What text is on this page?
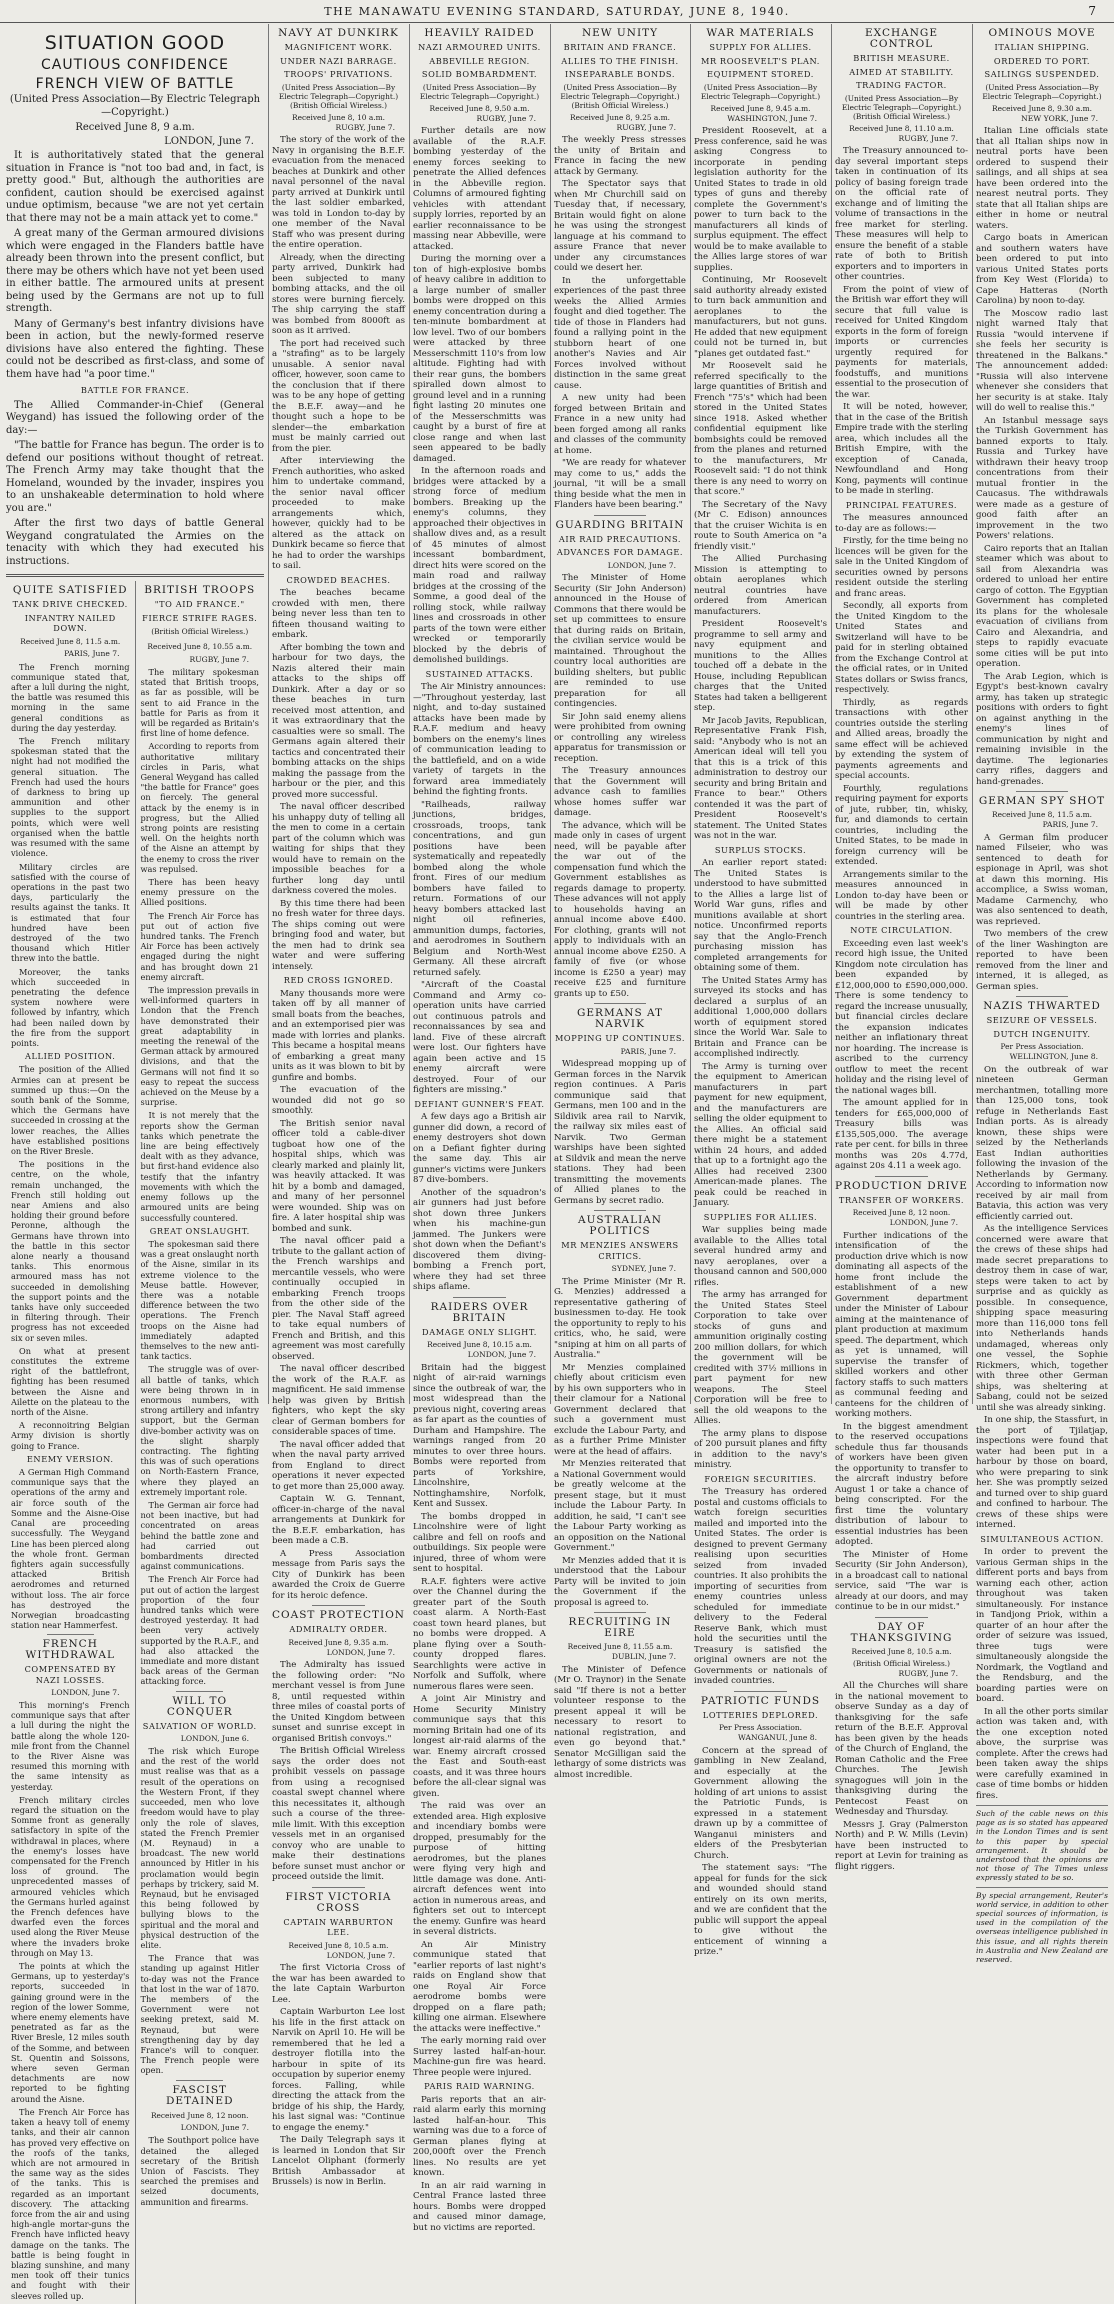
THE MANAWATU EVENING STANDARD, SATURDAY, JUNE 8, 1940.	7
SITUATION GOOD
CAUTIOUS CONFIDENCE
FRENCH VIEW OF BATTLE
(United Press Association—By Electric Telegraph—Copyright.)
Received June 8, 9 a.m.
LONDON, June 7.

It is authoritatively stated that the general situation in France is "not too bad and, in fact, is pretty good." But, although the authorities are confident, caution should be exercised against undue optimism, because "we are not yet certain that there may not be a main attack yet to come."

A great many of the German armoured divisions which were engaged in the Flanders battle have already been thrown into the present conflict, but there may be others which have not yet been used in either battle. The armoured units at present being used by the Germans are not up to full strength.

Many of Germany's best infantry divisions have been in action, but the newly-formed reserve divisions have also entered the fighting. These could not be described as first-class, and some of them have had "a poor time."

BATTLE FOR FRANCE.

The Allied Commander-in-Chief (General Weygand) has issued the following order of the day:—

"The battle for France has begun. The order is to defend our positions without thought of retreat. The French Army may take thought that the Homeland, wounded by the invader, inspires you to an unshakeable determination to hold where you are."

After the first two days of battle General Weygand congratulated the Armies on the tenacity with which they had executed his instructions.

QUITE SATISFIED
TANK DRIVE CHECKED.
INFANTRY NAILED DOWN.
Received June 8, 11.5 a.m.
PARIS, June 7.

The French morning communique stated that, after a lull during the night, the battle was resumed this morning in the same general conditions as during the day yesterday.

The French military spokesman stated that the night had not modified the general situation. The French had used the hours of darkness to bring up ammunition and other supplies to the support points, which were well organised when the battle was resumed with the same violence.

Military circles are satisfied with the course of operations in the past two days, particularly the results against the tanks. It is estimated that four hundred have been destroyed of the two thousand which Hitler threw into the battle.

Moreover, the tanks which succeeded in penetrating the defence system nowhere were followed by infantry, which had been nailed down by the fire from the support points.

ALLIED POSITION.

The position of the Allied Armies can at present be summed up thus:—On the south bank of the Somme, which the Germans have succeeded in crossing at the lower reaches, the Allies have established positions on the River Bresle.

The positions in the centre, on the whole, remain unchanged, the French still holding out near Amiens and also holding their ground before Peronne, although the Germans have thrown into the battle in this sector alone nearly a thousand tanks. This enormous armoured mass has not succeeded in demolishing the support points and the tanks have only succeeded in filtering through. Their progress has not exceeded six or seven miles.

On what at present constitutes the extreme right of the battlefront, fighting has been resumed between the Aisne and Ailette on the plateau to the north of the Aisne.

A reconnoitring Belgian Army division is shortly going to France.

ENEMY VERSION.

A German High Command communique says that the operations of the army and air force south of the Somme and the Aisne-Oise Canal are proceeding successfully. The Weygand Line has been pierced along the whole front. German fighters again successfully attacked British aerodromes and returned without loss. The air force has destroyed the Norwegian broadcasting station near Hammerfest.

FRENCH WITHDRAWAL
COMPENSATED BY NAZI LOSSES.
LONDON, June 7.

This morning's French communique says that after a lull during the night the battle along the whole 120-mile front from the Channel to the River Aisne was resumed this morning with the same intensity as yesterday.

French military circles regard the situation on the Somme front as generally satisfactory in spite of the withdrawal in places, where the enemy's losses have compensated for the French loss of ground. The unprecedented masses of armoured vehicles which the Germans hurled against the French defences have dwarfed even the forces used along the River Meuse where the invaders broke through on May 13.

The points at which the Germans, up to yesterday's reports, succeeded in gaining ground were in the region of the lower Somme, where enemy elements have penetrated as far as the River Bresle, 12 miles south of the Somme, and between St. Quentin and Soissons, where seven German detachments are now reported to be fighting around the Aisne.

The French Air Force has taken a heavy toll of enemy tanks, and their air cannon has proved very effective on the roofs of the tanks, which are not armoured in the same way as the sides of the tanks. This is regarded as an important discovery. The attacking force from the air and using high-angle mortar-guns the French have inflicted heavy damage on the tanks. The battle is being fought in blazing sunshine, and many men took off their tunics and fought with their sleeves rolled up.

BRITISH TROOPS
"TO AID FRANCE."
FIERCE STRIFE RAGES.
(British Official Wireless.)
Received June 8, 10.55 a.m.
RUGBY, June 7.

The military spokesman stated that British troops, as far as possible, will be sent to aid France in the battle for Paris as from it will be regarded as Britain's first line of home defence.

According to reports from authoritative military circles in Paris, what General Weygand has called "the battle for France" goes on fiercely. The general attack by the enemy is in progress, but the Allied strong points are resisting well. On the heights north of the Aisne an attempt by the enemy to cross the river was repulsed.

There has been heavy enemy pressure on the Allied positions.

The French Air Force has put out of action five hundred tanks. The French Air Force has been actively engaged during the night and has brought down 21 enemy aircraft.

The impression prevails in well-informed quarters in London that the French have demonstrated their great adaptability in meeting the renewal of the German attack by armoured divisions, and that the Germans will not find it so easy to repeat the success achieved on the Meuse by a surprise.

It is not merely that the reports show the German tanks which penetrate the line are being effectively dealt with as they advance, but first-hand evidence also testify that the infantry movements with which the enemy follows up the armoured units are being successfully countered.

GREAT ONSLAUGHT.

The spokesman said there was a great onslaught north of the Aisne, similar in its extreme violence to the Meuse battle. However, there was a notable difference between the two operations. The French troops on the Aisne had immediately adapted themselves to the new anti-tank tactics.

The struggle was of over-all battle of tanks, which were being thrown in in enormous numbers, with strong artillery and infantry support, but the German dive-bomber activity was on the slight sharply contracting. The fighting this was of such operations on North-Eastern France, where they played an extremely important role.

The German air force had not been inactive, but had concentrated on areas behind the battle zone and had carried out bombardments directed against communications.

The French Air Force had put out of action the largest proportion of the four hundred tanks which were destroyed yesterday. It had been very actively supported by the R.A.F., and had also attacked the immediate and more distant back areas of the German attacking force.

WILL TO CONQUER
SALVATION OF WORLD.
LONDON, June 6.

The risk which Europe and the rest of the world must realise was that as a result of the operations on the Western Front, if they succeeded, men who love freedom would have to play only the role of slaves, stated the French Premier (M. Reynaud) in a broadcast. The new world announced by Hitler in his proclamation would begin perhaps by trickery, said M. Reynaud, but he envisaged this being followed by bullying blows to the spiritual and the moral and physical destruction of the elite.

The France that was standing up against Hitler to-day was not the France that lost in the war of 1870. The members of the Government were not seeking pretext, said M. Reynaud, but were strengthening day by day France's will to conquer. The French people were open.

FASCIST DETAINED
Received June 8, 12 noon.
LONDON, June 7.

The Southport police have detained the alleged secretary of the British Union of Fascists. They searched the premises and seized documents, ammunition and firearms.

NAVY AT DUNKIRK
MAGNIFICENT WORK.
UNDER NAZI BARRAGE.
TROOPS' PRIVATIONS.
(United Press Association—By Electric Telegraph—Copyright.) (British Official Wireless.)
Received June 8, 10 a.m.
RUGBY, June 7.

The story of the work of the Navy in organising the B.E.F. evacuation from the menaced beaches at Dunkirk and other naval personnel of the naval party arrived at Dunkirk until the last soldier embarked, was told in London to-day by one member of the Naval Staff who was present during the entire operation.

Already, when the directing party arrived, Dunkirk had been subjected to many bombing attacks, and the oil stores were burning fiercely. The ship carrying the staff was bombed from 8000ft as soon as it arrived.

The port had received such a "strafing" as to be largely unusable. A senior naval officer, however, soon came to the conclusion that if there was to be any hope of getting the B.E.F. away—and he thought such a hope to be slender—the embarkation must be mainly carried out from the pier.

After interviewing the French authorities, who asked him to undertake command, the senior naval officer proceeded to make arrangements which, however, quickly had to be altered as the attack on Dunkirk became so fierce that he had to order the warships to sail.

CROWDED BEACHES.

The beaches became crowded with men, there being never less than ten to fifteen thousand waiting to embark.

After bombing the town and harbour for two days, the Nazis altered their main attacks to the ships off Dunkirk. After a day or so these beaches in turn received most attention, and it was extraordinary that the casualties were so small. The Germans again altered their tactics and concentrated their bombing attacks on the ships making the passage from the harbour or the pier, and this proved more successful.

The naval officer described his unhappy duty of telling all the men to come in a certain part of the column which was waiting for ships that they would have to remain on the impossible beaches for a further long day until darkness covered the moles.

By this time there had been no fresh water for three days. The ships coming out were bringing food and water, but the men had to drink sea water and were suffering intensely.

RED CROSS IGNORED.

Many thousands more were taken off by all manner of small boats from the beaches, and an extemporised pier was made with lorries and planks. This became a hospital means of embarking a great many units as it was blown to bit by gunfire and bombs.

The evacuation of the wounded did not go so smoothly.

The British senior naval officer told a cable-diver tugboat how one of the hospital ships, which was clearly marked and plainly lit, was heavily attacked. It was hit by a bomb and damaged, and many of her personnel were wounded. Ship was on fire. A later hospital ship was bombed and sunk.

The naval officer paid a tribute to the gallant action of the French warships and mercantile vessels, who were continually occupied in embarking French troops from the other side of the pier. The Naval Staff agreed to take equal numbers of French and British, and this agreement was most carefully observed.

The naval officer described the work of the R.A.F. as magnificent. He said immense help was given by British fighters, who kept the sky clear of German bombers for considerable spaces of time.

The naval officer added that when the naval party arrived from England to direct operations it never expected to get more than 25,000 away.

Captain W. G. Tennant, officer-in-charge of the naval arrangements at Dunkirk for the B.E.F. embarkation, has been made a C.B.

A Press Association message from Paris says the City of Dunkirk has been awarded the Croix de Guerre for its heroic defence.

COAST PROTECTION
ADMIRALTY ORDER.
Received June 8, 9.35 a.m.
LONDON, June 7.

The Admiralty has issued the following order: "No merchant vessel is from June 8, until requested within three miles of coastal ports of the United Kingdom between sunset and sunrise except in organised British convoys."

The British Official Wireless says the order does not prohibit vessels on passage from using a recognised coastal swept channel where this necessitates it, although such a course of the three-mile limit. With this exception vessels met in an organised convoy who are unable to make their destinations before sunset must anchor or proceed outside the limit.

FIRST VICTORIA CROSS
CAPTAIN WARBURTON LEE.
Received June 8, 10.5 a.m.
LONDON, June 7.

The first Victoria Cross of the war has been awarded to the late Captain Warburton Lee.

Captain Warburton Lee lost his life in the first attack on Narvik on April 10. He will be remembered that he led a destroyer flotilla into the harbour in spite of its occupation by superior enemy forces. Falling, while directing the attack from the bridge of his ship, the Hardy, his last signal was: "Continue to engage the enemy."

The Daily Telegraph says it is learned in London that Sir Lancelot Oliphant (formerly British Ambassador at Brussels) is now in Berlin.

HEAVILY RAIDED
NAZI ARMOURED UNITS.
ABBEVILLE REGION.
SOLID BOMBARDMENT.
(United Press Association—By Electric Telegraph—Copyright.)
Received June 8, 9.50 a.m.
RUGBY, June 7.

Further details are now available of the R.A.F. bombing yesterday of the enemy forces seeking to penetrate the Allied defences in the Abbeville region. Columns of armoured fighting vehicles with attendant supply lorries, reported by an earlier reconnaissance to be massing near Abbeville, were attacked.

During the morning over a ton of high-explosive bombs of heavy calibre in addition to a large number of smaller bombs were dropped on this enemy concentration during a ten-minute bombardment at low level. Two of our bombers were attacked by three Messerschmitt 110's from low altitude. Fighting had with their rear guns, the bombers spiralled down almost to ground level and in a running fight lasting 20 minutes one of the Messerschmitts was caught by a burst of fire at close range and when last seen appeared to be badly damaged.

In the afternoon roads and bridges were attacked by a strong force of medium bombers. Breaking up the enemy's columns, they approached their objectives in shallow dives and, as a result of 45 minutes of almost incessant bombardment, direct hits were scored on the main road and railway bridges at the crossing of the Somme, a good deal of the rolling stock, while railway lines and crossroads in other parts of the town were either wrecked or temporarily blocked by the debris of demolished buildings.

SUSTAINED ATTACKS.

The Air Ministry announces:—"Throughout yesterday, last night, and to-day sustained attacks have been made by R.A.F. medium and heavy bombers on the enemy's lines of communication leading to the battlefield, and on a wide variety of targets in the forward area immediately behind the fighting fronts.

"Railheads, railway junctions, bridges, crossroads, troops, tank concentrations, and gun positions have been systematically and repeatedly bombed along the whole front. Fires of our medium bombers have failed to return. Formations of our heavy bombers attacked last night oil refineries, ammunition dumps, factories, and aerodromes in Southern Belgium and North-West Germany. All these aircraft returned safely.

"Aircraft of the Coastal Command and Army co-operation units have carried out continuous patrols and reconnaissances by sea and land. Five of these aircraft were lost. Our fighters have again been active and 15 enemy aircraft were destroyed. Four of our fighters are missing."

DEFIANT GUNNER'S FEAT.

A few days ago a British air gunner did down, a record of enemy destroyers shot down on a Defiant fighter during the same day. This air gunner's victims were Junkers 87 dive-bombers.

Another of the squadron's air gunners had just before shot down three Junkers when his machine-gun jammed. The Junkers were shot down when the Defiant's discovered them diving-bombing a French port, where they had set three ships aflame.

RAIDERS OVER BRITAIN
DAMAGE ONLY SLIGHT.
Received June 8, 10.15 a.m.
LONDON, June 7.

Britain had the biggest night of air-raid warnings since the outbreak of war, the most widespread than the previous night, covering areas as far apart as the counties of Durham and Hampshire. The warnings ranged from 20 minutes to over three hours. Bombs were reported from parts of Yorkshire, Lincolnshire, Nottinghamshire, Norfolk, Kent and Sussex.

The bombs dropped in Lincolnshire were of light calibre and fell on roofs and outbuildings. Six people were injured, three of whom were sent to hospital.

R.A.F. fighters were active over the Channel during the greater part of the South coast alarm. A North-East coast town heard planes, but no bombs were dropped. A plane flying over a South-county dropped flares. Searchlights were active in Norfolk and Suffolk, where numerous flares were seen.

A joint Air Ministry and Home Security Ministry communique says that this morning Britain had one of its longest air-raid alarms of the war. Enemy aircraft crossed the East and South-east coasts, and it was three hours before the all-clear signal was given.

The raid was over an extended area. High explosive and incendiary bombs were dropped, presumably for the purpose of hitting aerodromes, but the planes were flying very high and little damage was done. Anti-aircraft defences went into action in numerous areas, and fighters set out to intercept the enemy. Gunfire was heard in several districts.

An Air Ministry communique stated that "earlier reports of last night's raids on England show that one Royal Air Force aerodrome bombs were dropped on a flare path; killing one airman. Elsewhere the attacks were ineffective."

The early morning raid over Surrey lasted half-an-hour. Machine-gun fire was heard. Three people were injured.

PARIS RAID WARNING.

Paris reports that an air-raid alarm early this morning lasted half-an-hour. This warning was due to a force of German planes flying at 200,000ft over the French lines. No results are yet known.

In an air raid warning in Central France lasted three hours. Bombs were dropped and caused minor damage, but no victims are reported.

NEW UNITY
BRITAIN AND FRANCE.
ALLIES TO THE FINISH.
INSEPARABLE BONDS.
(United Press Association—By Electric Telegraph—Copyright.) (British Official Wireless.)
Received June 8, 9.25 a.m.
RUGBY, June 7.

The weekly Press stresses the unity of Britain and France in facing the new attack by Germany.

The Spectator says that when Mr Churchill said on Tuesday that, if necessary, Britain would fight on alone he was using the strongest language at his command to assure France that never under any circumstances could we desert her.

In the unforgettable experiences of the past three weeks the Allied Armies fought and died together. The tide of those in Flanders had found a rallying point in the stubborn heart of one another's Navies and Air Forces involved without distinction in the same great cause.

A new unity had been forged between Britain and France in a new unity had been forged among all ranks and classes of the community at home.

"We are ready for whatever may come to us," adds the journal, "it will be a small thing beside what the men in Flanders have been bearing."

GUARDING BRITAIN
AIR RAID PRECAUTIONS.
ADVANCES FOR DAMAGE.
LONDON, June 7.

The Minister of Home Security (Sir John Anderson) announced in the House of Commons that there would be set up committees to ensure that during raids on Britain, the civilian service would be maintained. Throughout the country local authorities are building shelters, but public are reminded to use preparation for all contingencies.

Sir John said enemy aliens were prohibited from owning or controlling any wireless apparatus for transmission or reception.

The Treasury announces that the Government will advance cash to families whose homes suffer war damage.

The advance, which will be made only in cases of urgent need, will be payable after the war out of the compensation fund which the Government establishes as regards damage to property. These advances will not apply to households having an annual income above £400. For clothing, grants will not apply to individuals with an annual income above £250. A family of five (or whose income is £250 a year) may receive £25 and furniture grants up to £50.

GERMANS AT NARVIK
MOPPING UP CONTINUES.
PARIS, June 7.

Widespread mopping up of German forces in the Narvik region continues. A Paris communique said that Germans, men 100 and in the Sildivik area rail to Narvik, the railway six miles east of Narvik. Two German warships have been sighted at Sildvik and mean the nerve stations. They had been transmitting the movements of Allied planes to the Germans by secret radio.

AUSTRALIAN POLITICS
MR MENZIES ANSWERS CRITICS.
SYDNEY, June 7.

The Prime Minister (Mr R. G. Menzies) addressed a representative gathering of businessmen to-day. He took the opportunity to reply to his critics, who, he said, were "sniping at him on all parts of Australia."

Mr Menzies complained chiefly about criticism even by his own supporters who in their clamour for a National Government declared that such a government must exclude the Labour Party, and as a further Prime Minister were at the head of affairs.

Mr Menzies reiterated that a National Government would be greatly welcome at the present stage, but it must include the Labour Party. In addition, he said, "I can't see the Labour Party working as an opposition on the National Government."

Mr Menzies added that it is understood that the Labour Party will be invited to join the Government if the proposal is agreed to.

RECRUITING IN EIRE
Received June 8, 11.55 a.m.
DUBLIN, June 7.

The Minister of Defence (Mr O. Traynor) in the Senate said "If there is not a better volunteer response to the present appeal it will be necessary to resort to national registration, and even go beyond that." Senator McGilligan said the lethargy of some districts was almost incredible.

WAR MATERIALS
SUPPLY FOR ALLIES.
MR ROOSEVELT'S PLAN.
EQUIPMENT STORED.
(United Press Association—By Electric Telegraph—Copyright.)
Received June 8, 9.45 a.m.
WASHINGTON, June 7.

President Roosevelt, at a Press conference, said he was asking Congress to incorporate in pending legislation authority for the United States to trade in old types of guns and thereby complete the Government's power to turn back to the manufacturers all kinds of surplus equipment. The effect would be to make available to the Allies large stores of war supplies.

Continuing, Mr Roosevelt said authority already existed to turn back ammunition and aeroplanes to the manufacturers, but not guns. He added that new equipment could not be turned in, but "planes get outdated fast."

Mr Roosevelt said he referred specifically to the large quantities of British and French "75's" which had been stored in the United States since 1918. Asked whether confidential equipment like bombsights could be removed from the planes and returned to the manufacturers, Mr Roosevelt said: "I do not think there is any need to worry on that score."

The Secretary of the Navy (Mr C. Edison) announces that the cruiser Wichita is en route to South America on "a friendly visit."

The Allied Purchasing Mission is attempting to obtain aeroplanes which neutral countries have ordered from American manufacturers.

President Roosevelt's programme to sell army and navy equipment and munitions to the Allies touched off a debate in the House, including Republican charges that the United States had taken a belligerent step.

Mr Jacob Javits, Republican, Representative Frank Fish, said: "Anybody who is not an American ideal will tell you that this is a trick of this administration to destroy our security and bring Britain and France to bear." Others contended it was the part of President Roosevelt's statement. The United States was not in the war.

SURPLUS STOCKS.

An earlier report stated: The United States is understood to have submitted to the Allies a large list of World War guns, rifles and munitions available at short notice. Unconfirmed reports say that the Anglo-French purchasing mission has completed arrangements for obtaining some of them.

The United States Army has surveyed its stocks and has declared a surplus of an additional 1,000,000 dollars worth of equipment stored since the World War. Sale to Britain and France can be accomplished indirectly.

The Army is turning over the equipment to American manufacturers in part payment for new equipment, and the manufacturers are selling the older equipment to the Allies. An official said there might be a statement within 24 hours, and added that up to a fortnight ago the Allies had received 2300 American-made planes. The peak could be reached in January.

SUPPLIES FOR ALLIES.

War supplies being made available to the Allies total several hundred army and navy aeroplanes, over a thousand cannon and 500,000 rifles.

The army has arranged for the United States Steel Corporation to take over stocks of guns and ammunition originally costing 200 million dollars, for which the government will be credited with 37½ millions in part payment for new weapons. The Steel Corporation will be free to sell the old weapons to the Allies.

The army plans to dispose of 200 pursuit planes and fifty in addition to the navy's ministry.

FOREIGN SECURITIES.

The Treasury has ordered postal and customs officials to watch foreign securities mailed and imported into the United States. The order is designed to prevent Germany realising upon securities seized from invaded countries. It also prohibits the importing of securities from enemy countries unless scheduled for immediate delivery to the Federal Reserve Bank, which must hold the securities until the Treasury is satisfied the original owners are not the Governments or nationals of invaded countries.

PATRIOTIC FUNDS
LOTTERIES DEPLORED.
Per Press Association.
WANGANUI, June 8.

Concern at the spread of gambling in New Zealand, and especially at the Government allowing the holding of art unions to assist the Patriotic Funds, is expressed in a statement drawn up by a committee of Wanganui ministers and elders of the Presbyterian Church.

The statement says: "The appeal for funds for the sick and wounded should stand entirely on its own merits, and we are confident that the public will support the appeal to give without the enticement of winning a prize."

EXCHANGE CONTROL
BRITISH MEASURE.
AIMED AT STABILITY.
TRADING FACTOR.
(United Press Association—By Electric Telegraph—Copyright.) (British Official Wireless.)
Received June 8, 11.10 a.m.
RUGBY, June 7.

The Treasury announced to-day several important steps taken in continuation of its policy of basing foreign trade on the official rate of exchange and of limiting the volume of transactions in the free market for sterling. These measures will help to ensure the benefit of a stable rate of both to British exporters and to importers in other countries.

From the point of view of the British war effort they will secure that full value is received for United Kingdom exports in the form of foreign imports or currencies urgently required for payments for materials, foodstuffs, and munitions essential to the prosecution of the war.

It will be noted, however, that in the case of the British Empire trade with the sterling area, which includes all the British Empire, with the exception of Canada, Newfoundland and Hong Kong, payments will continue to be made in sterling.

PRINCIPAL FEATURES.

The measures announced to-day are as follows:—

Firstly, for the time being no licences will be given for the sale in the United Kingdom of securities owned by persons resident outside the sterling and franc areas.

Secondly, all exports from the United Kingdom to the United States and Switzerland will have to be paid for in sterling obtained from the Exchange Control at the official rates, or in United States dollars or Swiss francs, respectively.

Thirdly, as regards transactions with other countries outside the sterling and Allied areas, broadly the same effect will be achieved by extending the system of payments agreements and special accounts.

Fourthly, regulations requiring payment for exports of jute, rubber, tin, whisky, fur, and diamonds to certain countries, including the United States, to be made in foreign currency will be extended.

Arrangements similar to the measures announced in London to-day have been or will be made by other countries in the sterling area.

NOTE CIRCULATION.

Exceeding even last week's record high issue, the United Kingdom note circulation has been expanded by £12,000,000 to £590,000,000. There is some tendency to regard the increase unusually, but financial circles declare the expansion indicates neither an inflationary threat nor hoarding. The increase is ascribed to the currency outflow to meet the recent holiday and the rising level of the national wages bill.

The amount applied for in tenders for £65,000,000 of Treasury bills was £135,505,000. The average rate per cent. for bills in three months was 20s 4.77d, against 20s 4.11 a week ago.

PRODUCTION DRIVE
TRANSFER OF WORKERS.
Received June 8, 12 noon.
LONDON, June 7.

Further indications of the intensification of the production drive which is now dominating all aspects of the home front include the establishment of a new Government department under the Minister of Labour aiming at the maintenance of plant production at maximum speed. The department, which as yet is unnamed, will supervise the transfer of skilled workers and other factory staffs to such matters as communal feeding and canteens for the children of working mothers.

In the biggest amendment to the reserved occupations schedule thus far thousands of workers have been given the opportunity to transfer to the aircraft industry before August 1 or take a chance of being conscripted. For the first time the voluntary distribution of labour to essential industries has been adopted.

The Minister of Home Security (Sir John Anderson), in a broadcast call to national service, said "The war is already at our doors, and may continue to be in our midst."

DAY OF THANKSGIVING
Received June 8, 10.5 a.m.
(British Official Wireless.)
RUGBY, June 7.

All the Churches will share in the national movement to observe Sunday as a day of thanksgiving for the safe return of the B.E.F. Approval has been given by the heads of the Church of England, the Roman Catholic and the Free Churches. The Jewish synagogues will join in the thanksgiving during the Pentecost Feast on Wednesday and Thursday.

Messrs J. Gray (Palmerston North) and P. W. Mills (Levin) have been instructed to report at Levin for training as flight riggers.

OMINOUS MOVE
ITALIAN SHIPPING.
ORDERED TO PORT.
SAILINGS SUSPENDED.
(United Press Association—By Electric Telegraph—Copyright.)
Received June 8, 9.30 a.m.
NEW YORK, June 7.

Italian Line officials state that all Italian ships now in neutral ports have been ordered to suspend their sailings, and all ships at sea have been ordered into the nearest neutral ports. They state that all Italian ships are either in home or neutral waters.

Cargo boats in American and southern waters have been ordered to put into various United States ports from Key West (Florida) to Cape Hatteras (North Carolina) by noon to-day.

The Moscow radio last night warned Italy that Russia "would intervene if she feels her security is threatened in the Balkans." The announcement added: "Russia will also intervene whenever she considers that her security is at stake. Italy will do well to realise this."

An Istanbul message says the Turkish Government has banned exports to Italy. Russia and Turkey have withdrawn their heavy troop concentrations from their mutual frontier in the Caucasus. The withdrawals were made as a gesture of good faith after an improvement in the two Powers' relations.

Cairo reports that an Italian steamer which was about to sail from Alexandria was ordered to unload her entire cargo of cotton. The Egyptian Government has completed its plans for the wholesale evacuation of civilians from Cairo and Alexandria, and steps to rapidly evacuate some cities will be put into operation.

The Arab Legion, which is Egypt's best-known cavalry army, has taken up strategic positions with orders to fight on against anything in the enemy's lines of communication by night and remaining invisible in the daytime. The legionaries carry rifles, daggers and hand-grenades.

GERMAN SPY SHOT
Received June 8, 11.5 a.m.
PARIS, June 7.

A German film producer named Filseier, who was sentenced to death for espionage in April, was shot at dawn this morning. His accomplice, a Swiss woman, Madame Carmenchy, who was also sentenced to death, was reprieved.

Two members of the crew of the liner Washington are reported to have been removed from the liner and interned, it is alleged, as German spies.

NAZIS THWARTED
SEIZURE OF VESSELS.
DUTCH INGENUITY.
Per Press Association.
WELLINGTON, June 8.

On the outbreak of war nineteen German merchantmen, totalling more than 125,000 tons, took refuge in Netherlands East Indian ports. As is already known, these ships were seized by the Netherlands East Indian authorities following the invasion of the Netherlands by Germany. According to information now received by air mail from Batavia, this action was very efficiently carried out.

As the intelligence Services concerned were aware that the crews of these ships had made secret preparations to destroy them in case of war, steps were taken to act by surprise and as quickly as possible. In consequence, shipping space measuring more than 116,000 tons fell into Netherlands hands undamaged, whereas only one vessel, the Sophie Rickmers, which, together with three other German ships, was sheltering at Sabang, could not be seized until she was already sinking.

In one ship, the Stassfurt, in the port of Tjilatjap, inspections were found that water had been put in a harbour by those on board, who were preparing to sink her. She was promptly seized and turned over to ship guard and confined to harbour. The crews of these ships were interned.

SIMULTANEOUS ACTION.

In order to prevent the various German ships in the different ports and bays from warning each other, action throughout was taken simultaneously. For instance in Tandjong Priok, within a quarter of an hour after the order of seizure was issued, three tugs were simultaneously alongside the Nordmark, the Vogtland and the Rendsburg, and the boarding parties were on board.

In all the other ports similar action was taken and, with the one exception noted above, the surprise was complete. After the crews had been taken away the ships were carefully examined in case of time bombs or hidden fires.

Such of the cable news on this page as is so stated has appeared in the London Times and is sent to this paper by special arrangement. It should be understood that the opinions are not those of The Times unless expressly stated to be so.
By special arrangement, Reuter's world service, in addition to other special sources of information, is used in the compilation of the overseas intelligence published in this issue, and all rights therein in Australia and New Zealand are reserved.
